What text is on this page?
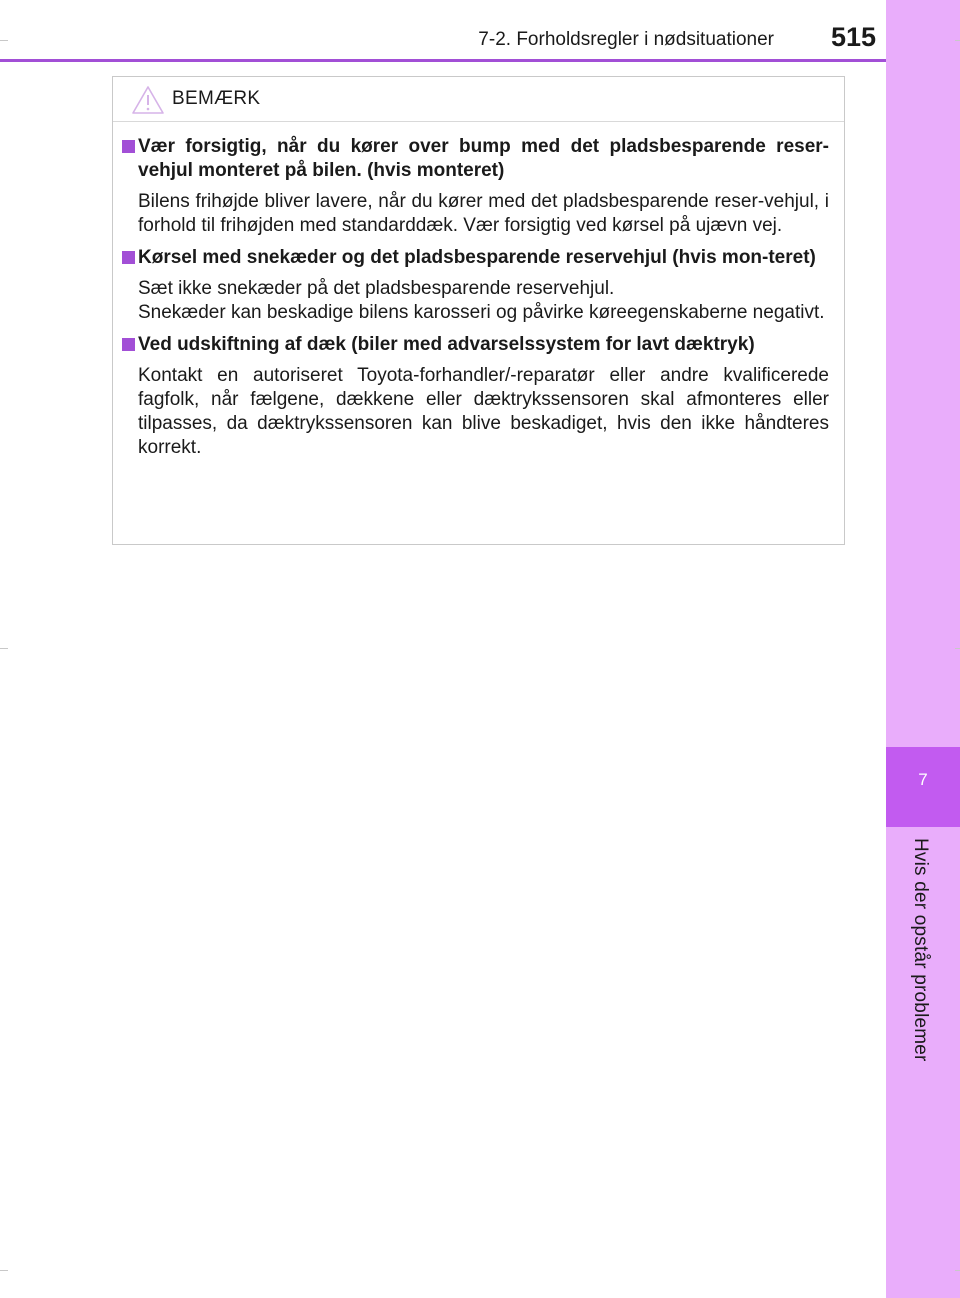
7-2. Forholdsregler i nødsituationer 515
7
Hvis der opstår problemer
BEMÆRK
Vær forsigtig, når du kører over bump med det pladsbesparende reser-vehjul monteret på bilen. (hvis monteret)
Bilens frihøjde bliver lavere, når du kører med det pladsbesparende reser-vehjul, i forhold til frihøjden med standarddæk. Vær forsigtig ved kørsel på ujævn vej.
Kørsel med snekæder og det pladsbesparende reservehjul (hvis mon-teret)
Sæt ikke snekæder på det pladsbesparende reservehjul.
Snekæder kan beskadige bilens karosseri og påvirke køreegenskaberne negativt.
Ved udskiftning af dæk (biler med advarselssystem for lavt dæktryk)
Kontakt en autoriseret Toyota-forhandler/-reparatør eller andre kvalificerede fagfolk, når fælgene, dækkene eller dæktrykssensoren skal afmonteres eller tilpasses, da dæktrykssensoren kan blive beskadiget, hvis den ikke håndteres korrekt.
